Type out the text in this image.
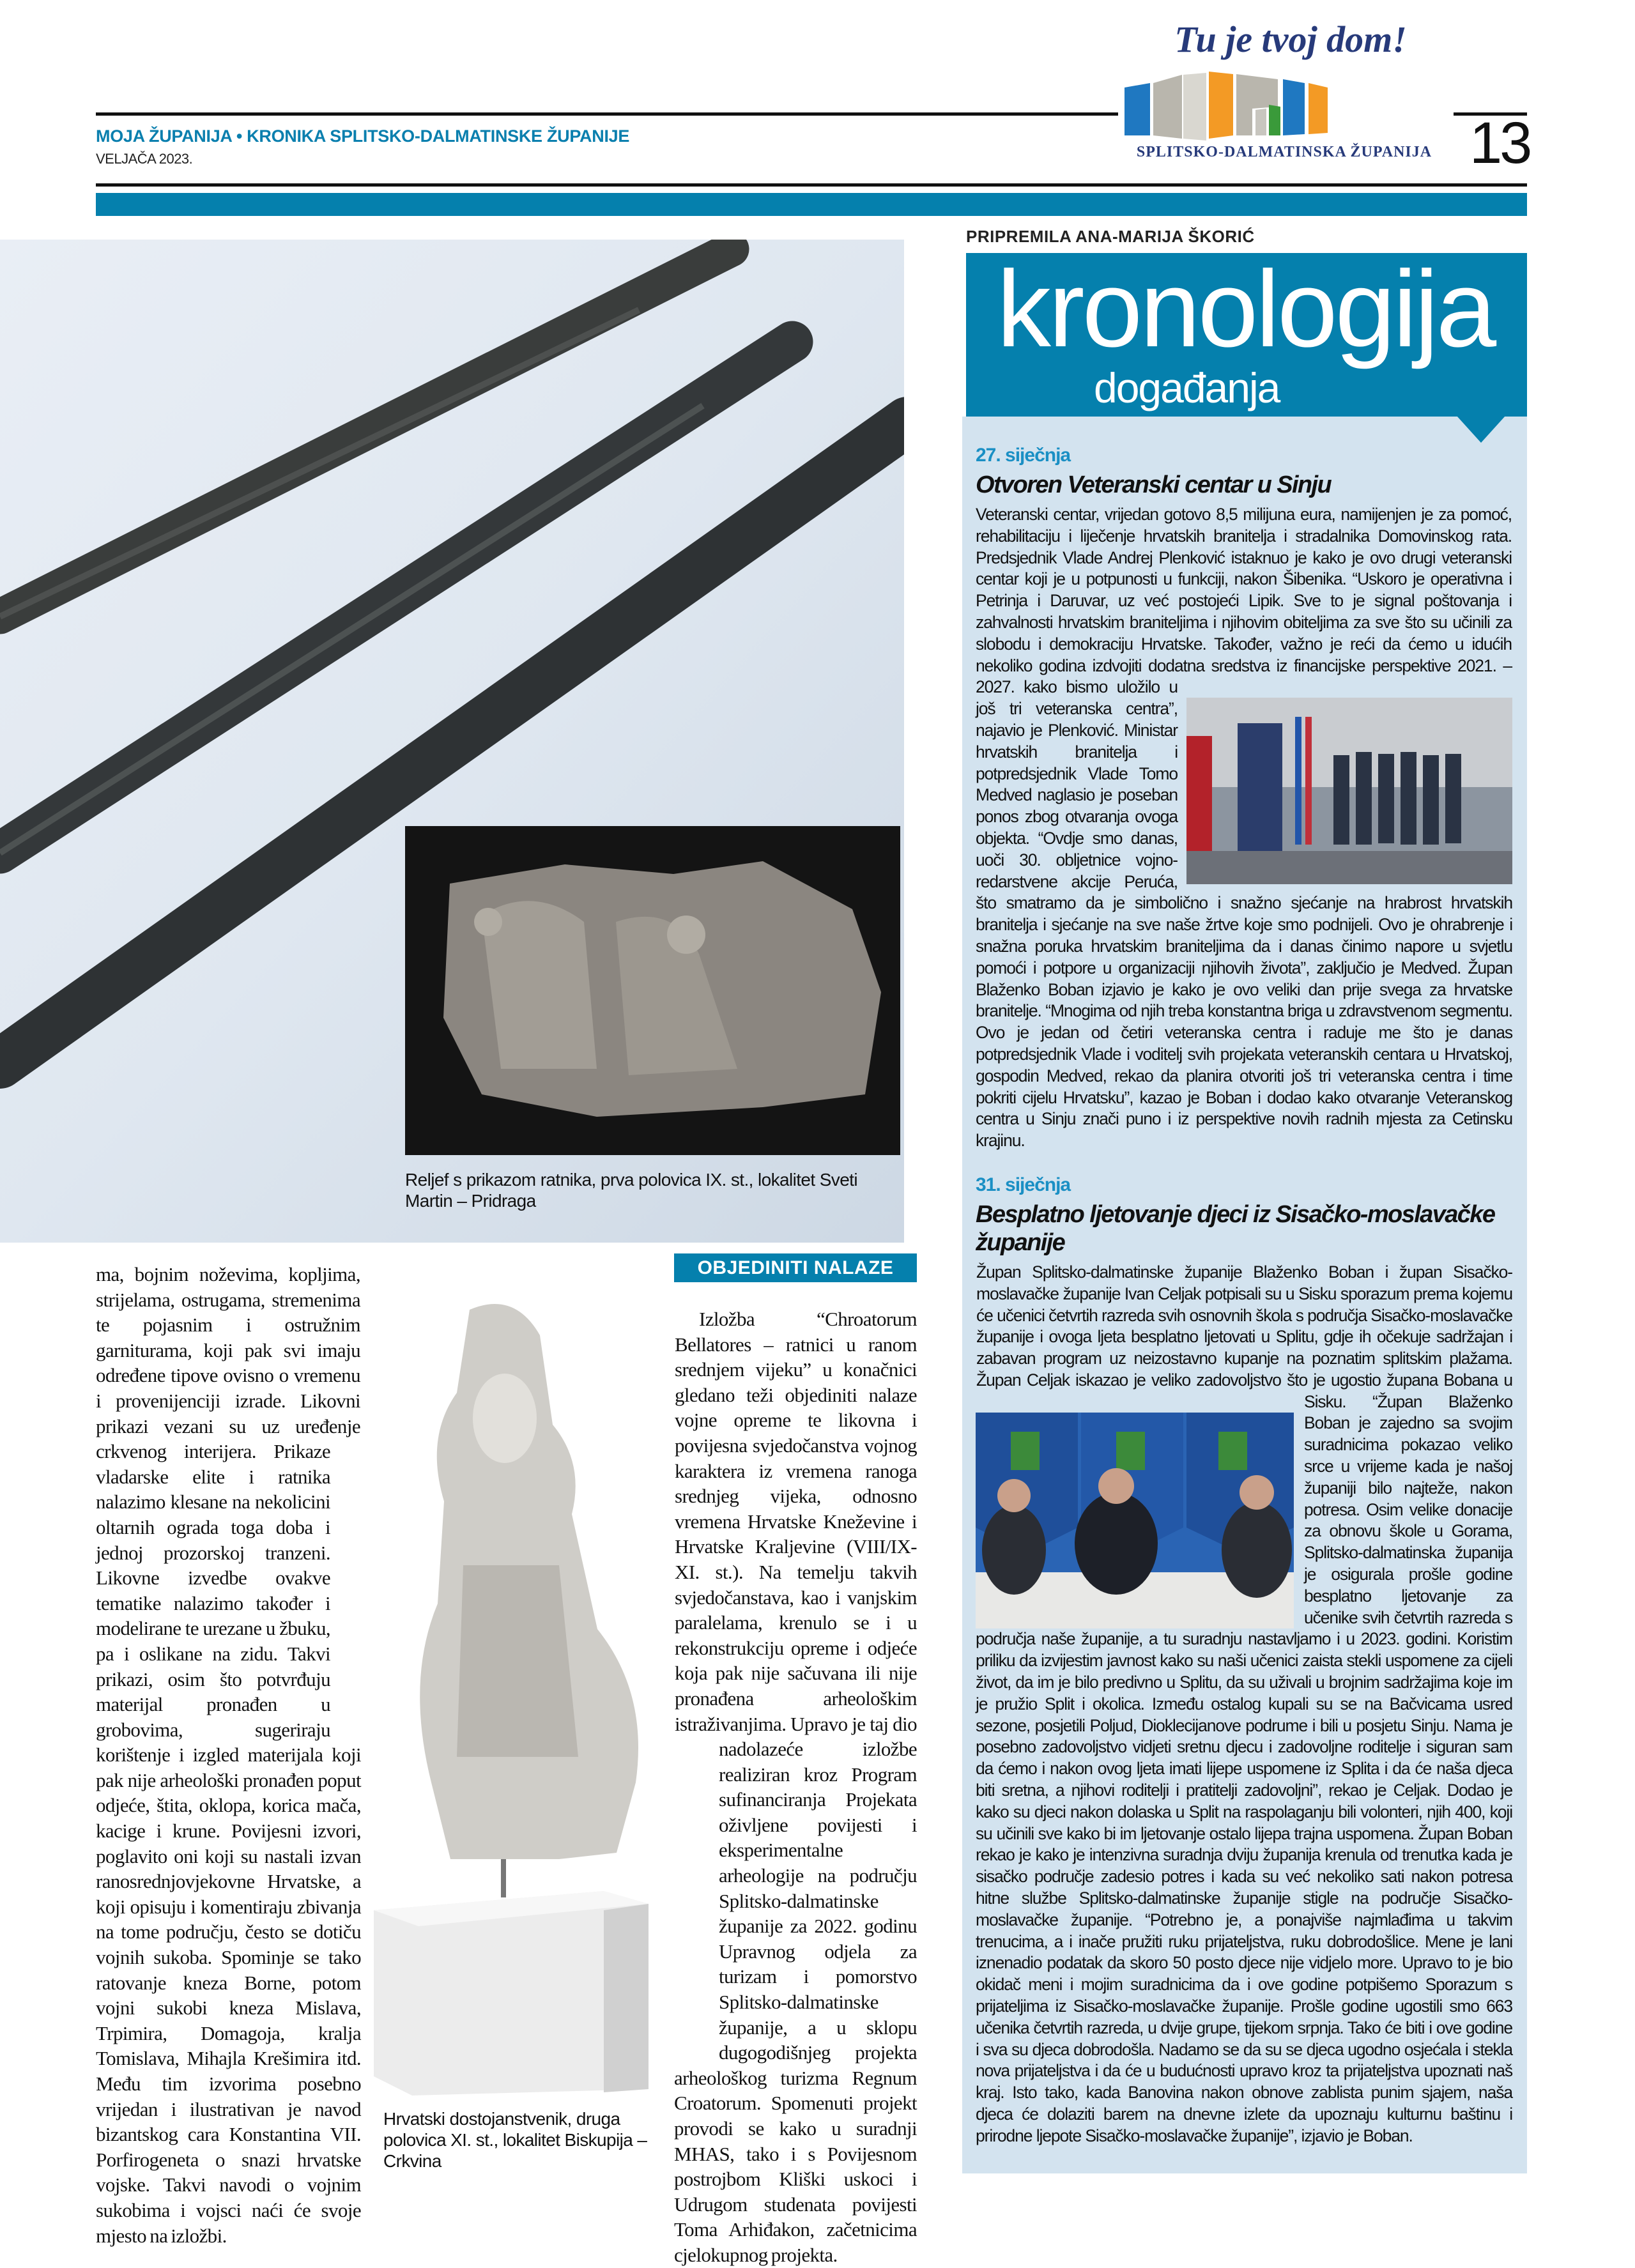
MOJA ŽUPANIJA • KRONIKA SPLITSKO-DALMATINSKE ŽUPANIJE
VELJAČA 2023.	13
Tu je tvoj dom!
SPLITSKO-DALMATINSKA ŽUPANIJA
Reljef s prikazom ratnika, prva polovica IX. st., lokalitet Sveti Martin – Pridraga
ma, bojnim noževima, kopljima, strijelama, ostrugama, stremenima te pojasnim i ostružnim garniturama, koji pak svi imaju određene tipove ovisno o vremenu i provenijenciji izrade. Likovni prikazi vezani su uz uređenje crkvenog interijera. Prikaze vladarske elite i ratnika nalazimo klesane na nekolicini oltarnih ograda toga doba i jednoj prozorskoj tranzeni. Likovne izvedbe ovakve tematike nalazimo također i modelirane te urezane u žbuku, pa i oslikane na zidu. Takvi prikazi, osim što potvrđuju materijal pronađen u grobovima, sugeriraju korištenje i izgled materijala koji pak nije arheološki pronađen poput odjeće, štita, oklopa, korica mača, kacige i krune. Povijesni izvori, poglavito oni koji su nastali izvan ranosrednjovjekovne Hrvatske, a koji opisuju i komentiraju zbivanja na tome području, često se dotiču vojnih sukoba. Spominje se tako ratovanje kneza Borne, potom vojni sukobi kneza Mislava, Trpimira, Domagoja, kralja Tomislava, Mihajla Krešimira itd. Među tim izvorima posebno vrijedan i ilustrativan je navod bizantskog cara Konstantina VII. Porfirogeneta o snazi hrvatske vojske. Takvi navodi o vojnim sukobima i vojsci naći će svoje mjesto na izložbi.
Hrvatski dostojanstvenik, druga polovica XI. st., lokalitet Biskupija – Crkvina
OBJEDINITI NALAZE
Izložba “Chroatorum Bellatores – ratnici u ranom srednjem vijeku” u konačnici gledano teži objediniti nalaze vojne opreme te likovna i povijesna svjedočanstva vojnog karaktera iz vremena ranoga srednjeg vijeka, odnosno vremena Hrvatske Kneževine i Hrvatske Kraljevine (VIII/IX-XI. st.). Na temelju takvih svjedočanstava, kao i vanjskim paralelama, krenulo se i u rekonstrukciju opreme i odjeće koja pak nije sačuvana ili nije pronađena arheološkim istraživanjima. Upravo je taj dio nadolazeće izložbe realiziran kroz Program sufinanciranja Projekata oživljene povijesti i eksperimentalne arheologije na području Splitsko-dalmatinske županije za 2022. godinu Upravnog odjela za turizam i pomorstvo Splitsko-dalmatinske županije, a u sklopu dugogodišnjeg projekta arheološkog turizma Regnum Croatorum. Spomenuti projekt provodi se kako u suradnji MHAS, tako i s Povijesnom postrojbom Kliški uskoci i Udrugom studenata povijesti Toma Arhiđakon, začetnicima cjelokupnog projekta.
PRIPREMILA ANA-MARIJA ŠKORIĆ
kronologija
događanja
27. siječnja
Otvoren Veteranski centar u Sinju
Veteranski centar, vrijedan gotovo 8,5 milijuna eura, namijenjen je za pomoć, rehabilitaciju i liječenje hrvatskih branitelja i stradalnika Domovinskog rata. Predsjednik Vlade Andrej Plenković istaknuo je kako je ovo drugi veteranski centar koji je u potpunosti u funkciji, nakon Šibenika. “Uskoro je operativna i Petrinja i Daruvar, uz već postojeći Lipik. Sve to je signal poštovanja i zahvalnosti hrvatskim braniteljima i njihovim obiteljima za sve što su učinili za slobodu i demokraciju Hrvatske. Također, važno je reći da ćemo u idućih nekoliko godina izdvojiti dodatna sredstva iz financijske perspektive 2021. – 2027. kako bismo uložilo u još tri veteranska centra”, najavio je Plenković. Ministar hrvatskih branitelja i potpredsjednik Vlade Tomo Medved naglasio je poseban ponos zbog otvaranja ovoga objekta. “Ovdje smo danas, uoči 30. obljetnice vojno-redarstvene akcije Peruća, što smatramo da je simbolično i snažno sjećanje na hrabrost hrvatskih branitelja i sjećanje na sve naše žrtve koje smo podnijeli. Ovo je ohrabrenje i snažna poruka hrvatskim braniteljima da i danas činimo napore u svjetlu pomoći i potpore u organizaciji njihovih života”, zaključio je Medved. Župan Blaženko Boban izjavio je kako je ovo veliki dan prije svega za hrvatske branitelje. “Mnogima od njih treba konstantna briga u zdravstvenom segmentu. Ovo je jedan od četiri veteranska centra i raduje me što je danas potpredsjednik Vlade i voditelj svih projekata veteranskih centara u Hrvatskoj, gospodin Medved, rekao da planira otvoriti još tri veteranska centra i time pokriti cijelu Hrvatsku”, kazao je Boban i dodao kako otvaranje Veteranskog centra u Sinju znači puno i iz perspektive novih radnih mjesta za Cetinsku krajinu.
31. siječnja
Besplatno ljetovanje djeci iz Sisačko-moslavačke županije
Župan Splitsko-dalmatinske županije Blaženko Boban i župan Sisačko-moslavačke županije Ivan Celjak potpisali su u Sisku sporazum prema kojemu će učenici četvrtih razreda svih osnovnih škola s područja Sisačko-moslavačke županije i ovoga ljeta besplatno ljetovati u Splitu, gdje ih očekuje sadržajan i zabavan program uz neizostavno kupanje na poznatim splitskim plažama. Župan Celjak iskazao je veliko zadovoljstvo što je ugostio župana Bobana u Sisku. “Župan Blaženko Boban je zajedno sa svojim suradnicima pokazao veliko srce u vrijeme kada je našoj županiji bilo najteže, nakon potresa. Osim velike donacije za obnovu škole u Gorama, Splitsko-dalmatinska županija je osigurala prošle godine besplatno ljetovanje za učenike svih četvrtih razreda s područja naše županije, a tu suradnju nastavljamo i u 2023. godini. Koristim priliku da izvijestim javnost kako su naši učenici zaista stekli uspomene za cijeli život, da im je bilo predivno u Splitu, da su uživali u brojnim sadržajima koje im je pružio Split i okolica. Između ostalog kupali su se na Bačvicama usred sezone, posjetili Poljud, Dioklecijanove podrume i bili u posjetu Sinju. Nama je posebno zadovoljstvo vidjeti sretnu djecu i zadovoljne roditelje i siguran sam da ćemo i nakon ovog ljeta imati lijepe uspomene iz Splita i da će naša djeca biti sretna, a njihovi roditelji i pratitelji zadovoljni”, rekao je Celjak. Dodao je kako su djeci nakon dolaska u Split na raspolaganju bili volonteri, njih 400, koji su učinili sve kako bi im ljetovanje ostalo lijepa trajna uspomena. Župan Boban rekao je kako je intenzivna suradnja dviju županija krenula od trenutka kada je sisačko područje zadesio potres i kada su već nekoliko sati nakon potresa hitne službe Splitsko-dalmatinske županije stigle na područje Sisačko-moslavačke županije. “Potrebno je, a ponajviše najmlađima u takvim trenucima, a i inače pružiti ruku prijateljstva, ruku dobrodošlice. Mene je lani iznenadio podatak da skoro 50 posto djece nije vidjelo more. Upravo to je bio okidač meni i mojim suradnicima da i ove godine potpišemo Sporazum s prijateljima iz Sisačko-moslavačke županije. Prošle godine ugostili smo 663 učenika četvrtih razreda, u dvije grupe, tijekom srpnja. Tako će biti i ove godine i sva su djeca dobrodošla. Nadamo se da su se djeca ugodno osjećala i stekla nova prijateljstva i da će u budućnosti upravo kroz ta prijateljstva upoznati naš kraj. Isto tako, kada Banovina nakon obnove zablista punim sjajem, naša djeca će dolaziti barem na dnevne izlete da upoznaju kulturnu baštinu i prirodne ljepote Sisačko-moslavačke županije”, izjavio je Boban.
